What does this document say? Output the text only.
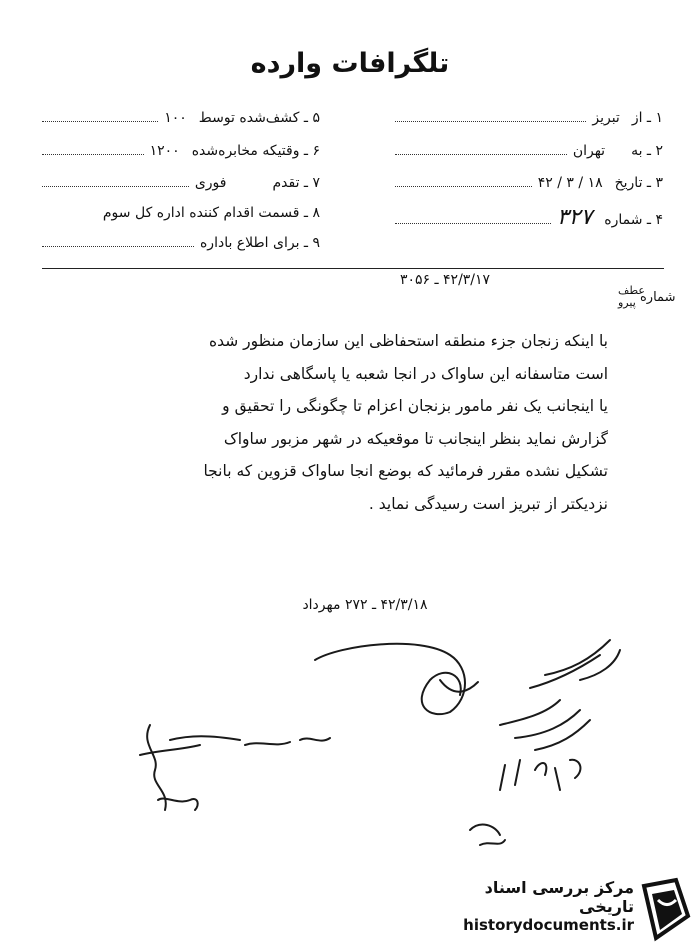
تلگرافات وارده
۱ ـ از
تبریز
۲ ـ به
تهران
۳ ـ تاریخ
۱۸ / ۳ / ۴۲
۴ ـ شماره
۳۲۷
۵ ـ کشف‌شده توسط
۱۰۰
۶ ـ وقتیکه مخابره‌شده
۱۲۰۰
۷ ـ تقدم
فوری
۸ ـ قسمت اقدام کننده اداره کل سوم
۹ ـ برای اطلاع باداره
عطف
پیرو شماره
۴۲/۳/۱۷ ـ ۳۰۵۶
با اینکه زنجان جزء منطقه استحفاظی این سازمان منظور شده
است متاسفانه این ساواک در انجا شعبه یا پاسگاهی ندارد
یا اینجانب یک نفر مامور بزنجان اعزام تا چگونگی را تحقیق و
گزارش نماید بنظر اینجانب تا موقعیکه در شهر مزبور ساواک
تشکیل نشده مقرر فرمائید که بوضع انجا ساواک قزوین که بانجا
نزدیکتر از تبریز است رسیدگی نماید .
۴۲/۳/۱۸ ـ ۲۷۲ مهرداد
مرکز بررسی اسناد تاریخی
historydocuments.ir
